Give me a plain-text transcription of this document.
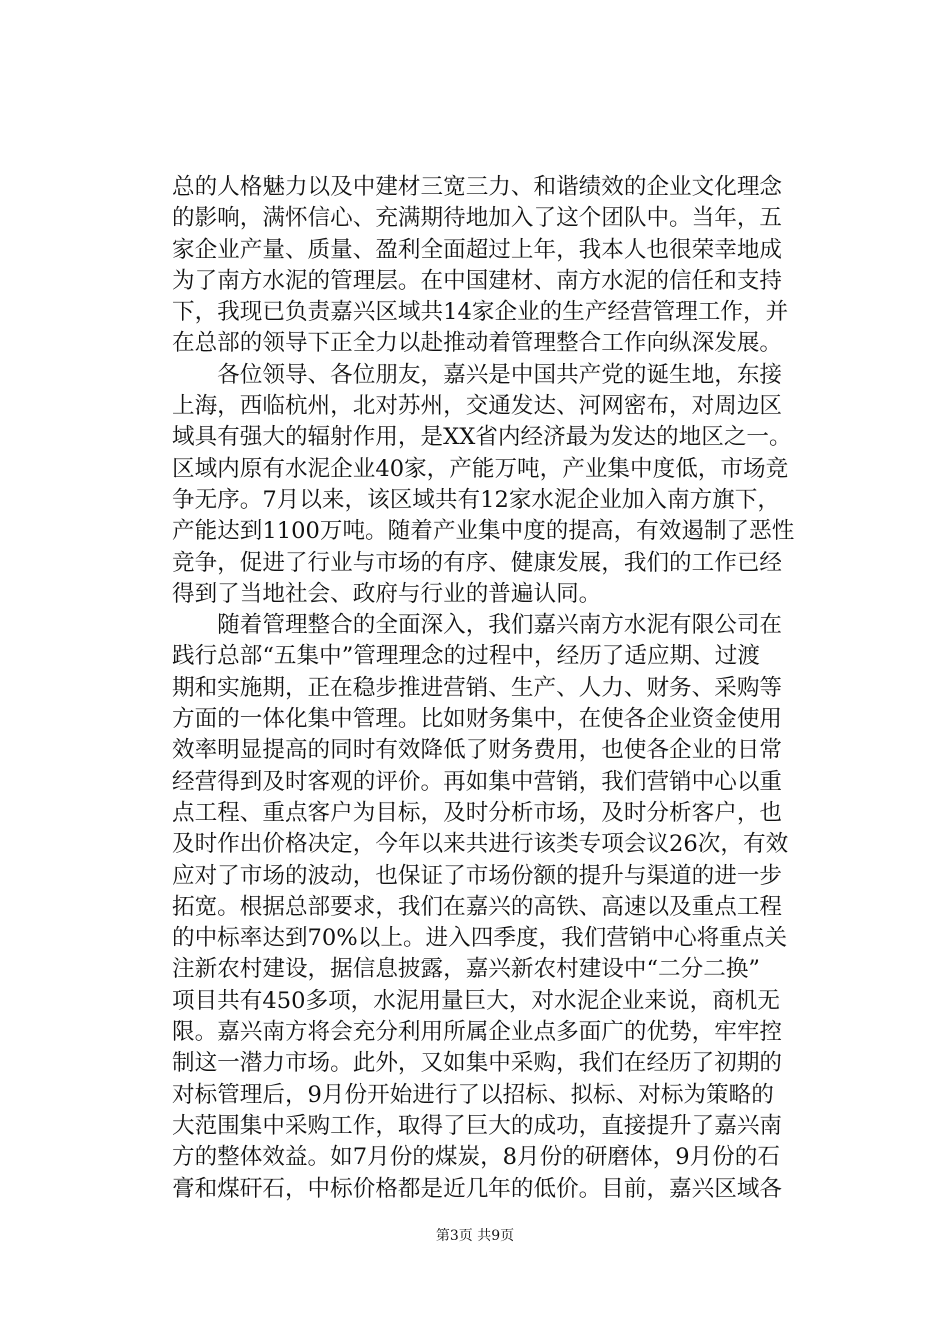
总的人格魅力以及中建材三宽三力、和谐绩效的企业文化理念
的影响，满怀信心、充满期待地加入了这个团队中。当年，五
家企业产量、质量、盈利全面超过上年，我本人也很荣幸地成
为了南方水泥的管理层。在中国建材、南方水泥的信任和支持
下，我现已负责嘉兴区域共14家企业的生产经营管理工作，并
在总部的领导下正全力以赴推动着管理整合工作向纵深发展。
　　各位领导、各位朋友，嘉兴是中国共产党的诞生地，东接
上海，西临杭州，北对苏州，交通发达、河网密布，对周边区
域具有强大的辐射作用，是XX省内经济最为发达的地区之一。
区域内原有水泥企业40家，产能万吨，产业集中度低，市场竞
争无序。7月以来，该区域共有12家水泥企业加入南方旗下，
产能达到1100万吨。随着产业集中度的提高，有效遏制了恶性
竞争，促进了行业与市场的有序、健康发展，我们的工作已经
得到了当地社会、政府与行业的普遍认同。
　　随着管理整合的全面深入，我们嘉兴南方水泥有限公司在
践行总部“五集中”管理理念的过程中，经历了适应期、过渡
期和实施期，正在稳步推进营销、生产、人力、财务、采购等
方面的一体化集中管理。比如财务集中，在使各企业资金使用
效率明显提高的同时有效降低了财务费用，也使各企业的日常
经营得到及时客观的评价。再如集中营销，我们营销中心以重
点工程、重点客户为目标，及时分析市场，及时分析客户，也
及时作出价格决定，今年以来共进行该类专项会议26次，有效
应对了市场的波动，也保证了市场份额的提升与渠道的进一步
拓宽。根据总部要求，我们在嘉兴的高铁、高速以及重点工程
的中标率达到70%以上。进入四季度，我们营销中心将重点关
注新农村建设，据信息披露，嘉兴新农村建设中“二分二换”
项目共有450多项，水泥用量巨大，对水泥企业来说，商机无
限。嘉兴南方将会充分利用所属企业点多面广的优势，牢牢控
制这一潜力市场。此外，又如集中采购，我们在经历了初期的
对标管理后，9月份开始进行了以招标、拟标、对标为策略的
大范围集中采购工作，取得了巨大的成功，直接提升了嘉兴南
方的整体效益。如7月份的煤炭，8月份的研磨体，9月份的石
膏和煤矸石，中标价格都是近几年的低价。目前，嘉兴区域各
第3页 共9页
